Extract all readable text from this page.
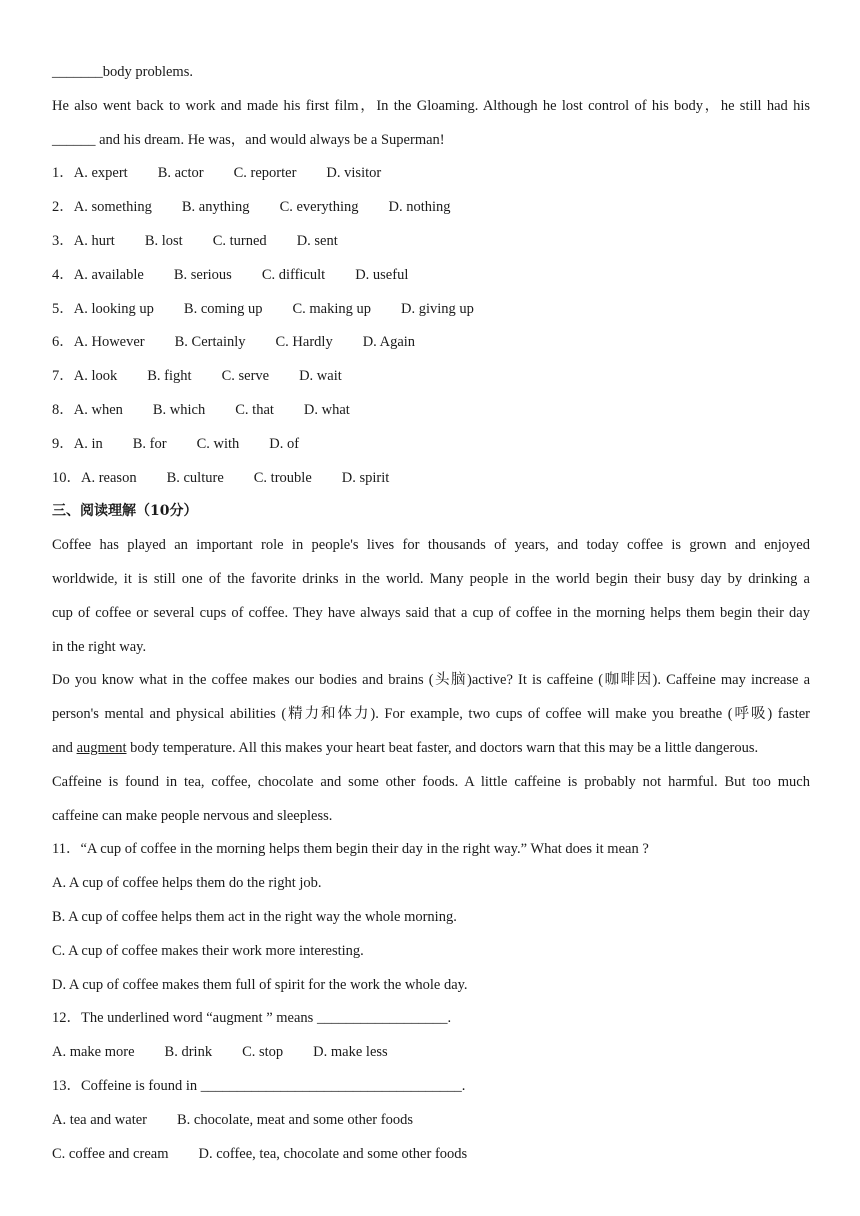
_______body problems.
He also went back to work and made his first film，In the Gloaming. Although he lost control of his body，he still had his
______ and his dream. He was，and would always be a Superman!
1．A. expert B. actor C. reporter D. visitor
2．A. something B. anything C. everything D. nothing
3．A. hurt B. lost C. turned D. sent
4．A. available B. serious C. difficult D. useful
5．A. looking up B. coming up C. making up D. giving up
6．A. However B. Certainly C. Hardly D. Again
7．A. look B. fight C. serve D. wait
8．A. when B. which C. that D. what
9．A. in B. for C. with D. of
10．A. reason B. culture C. trouble D. spirit
三、阅读理解（10分）
Coffee has played an important role in people's lives for thousands of years, and today coffee is grown and enjoyed
worldwide, it is still one of the favorite drinks in the world. Many people in the world begin their busy day by drinking a
cup of coffee or several cups of coffee. They have always said that a cup of coffee in the morning helps them begin their day
in the right way.
Do you know what in the coffee makes our bodies and brains (头脑)active? It is caffeine (咖啡因). Caffeine may increase a
person's mental and physical abilities (精力和体力). For example, two cups of coffee will make you breathe (呼吸) faster
and augment body temperature. All this makes your heart beat faster, and doctors warn that this may be a little dangerous.
Caffeine is found in tea, coffee, chocolate and some other foods. A little caffeine is probably not harmful. But too much
caffeine can make people nervous and sleepless.
11．“A cup of coffee in the morning helps them begin their day in the right way.” What does it mean ?
A. A cup of coffee helps them do the right job.
B. A cup of coffee helps them act in the right way the whole morning.
C. A cup of coffee makes their work more interesting.
D. A cup of coffee makes them full of spirit for the work the whole day.
12．The underlined word “augment ” means __________________.
A. make more B. drink C. stop D. make less
13．Coffeine is found in ____________________________________.
A. tea and water B. chocolate, meat and some other foods
C. coffee and cream D. coffee, tea, chocolate and some other foods
